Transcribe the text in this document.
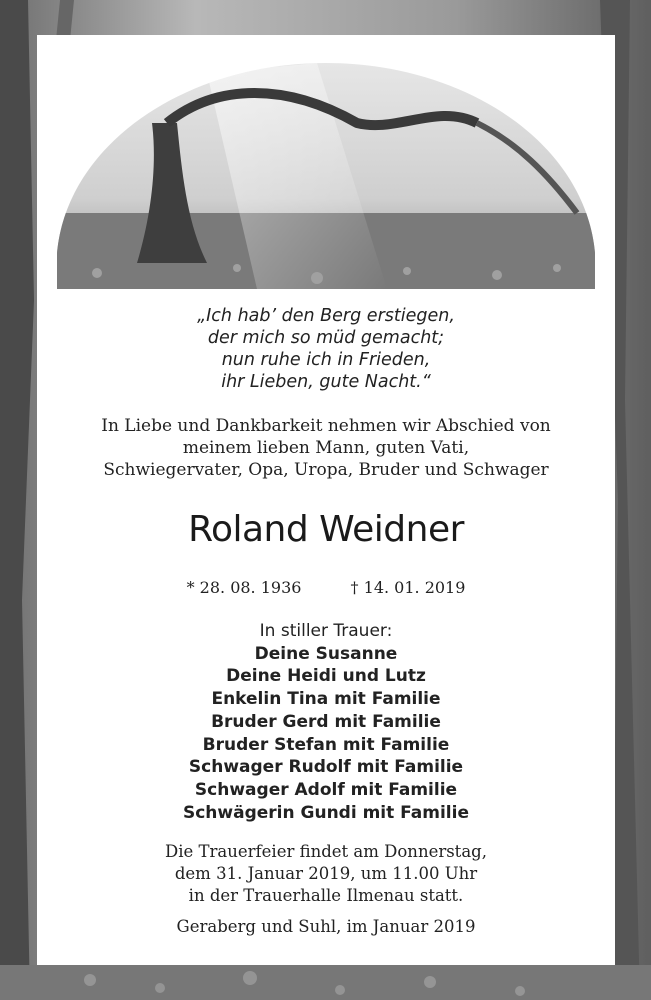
„Ich hab’ den Berg erstiegen,
der mich so müd gemacht;
nun ruhe ich in Frieden,
ihr Lieben, gute Nacht.“
In Liebe und Dankbarkeit nehmen wir Abschied von
meinem lieben Mann, guten Vati,
Schwiegervater, Opa, Uropa, Bruder und Schwager
Roland Weidner
* 28. 08. 1936	† 14. 01. 2019
In stiller Trauer:
Deine Susanne
Deine Heidi und Lutz
Enkelin Tina mit Familie
Bruder Gerd mit Familie
Bruder Stefan mit Familie
Schwager Rudolf mit Familie
Schwager Adolf mit Familie
Schwägerin Gundi mit Familie
Die Trauerfeier findet am Donnerstag,
dem 31. Januar 2019, um 11.00 Uhr
in der Trauerhalle Ilmenau statt.
Geraberg und Suhl, im Januar 2019
